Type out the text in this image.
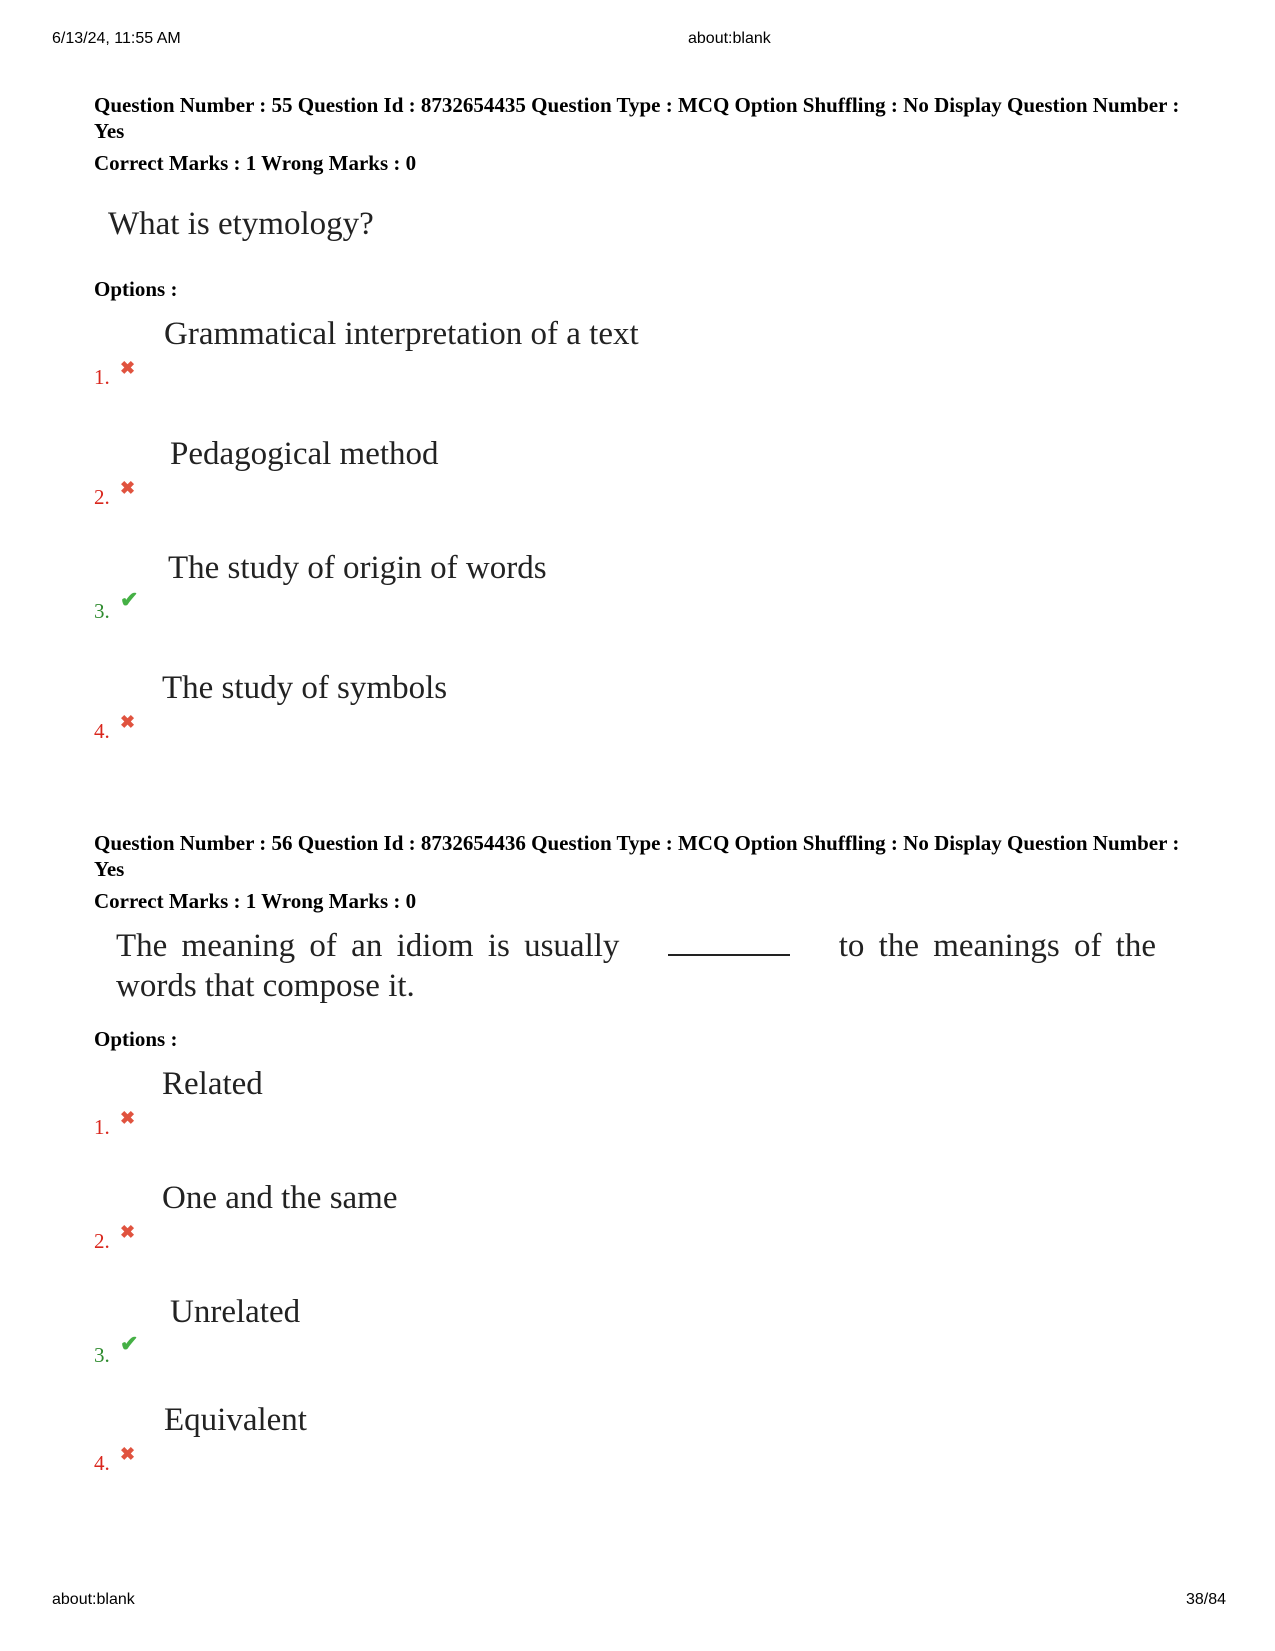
6/13/24, 11:55 AM	about:blank
Question Number : 55 Question Id : 8732654435 Question Type : MCQ Option Shuffling : No Display Question Number : Yes
Correct Marks : 1 Wrong Marks : 0
What is etymology?
Options :
1. ✖
Grammatical interpretation of a text
2. ✖
Pedagogical method
3. ✔
The study of origin of words
4. ✖
The study of symbols
Question Number : 56 Question Id : 8732654436 Question Type : MCQ Option Shuffling : No Display Question Number : Yes
Correct Marks : 1 Wrong Marks : 0
The meaning of an idiom is usually	to the meanings of the
words that compose it.
Options :
1. ✖
Related
2. ✖
One and the same
3. ✔
Unrelated
4. ✖
Equivalent
about:blank	38/84
